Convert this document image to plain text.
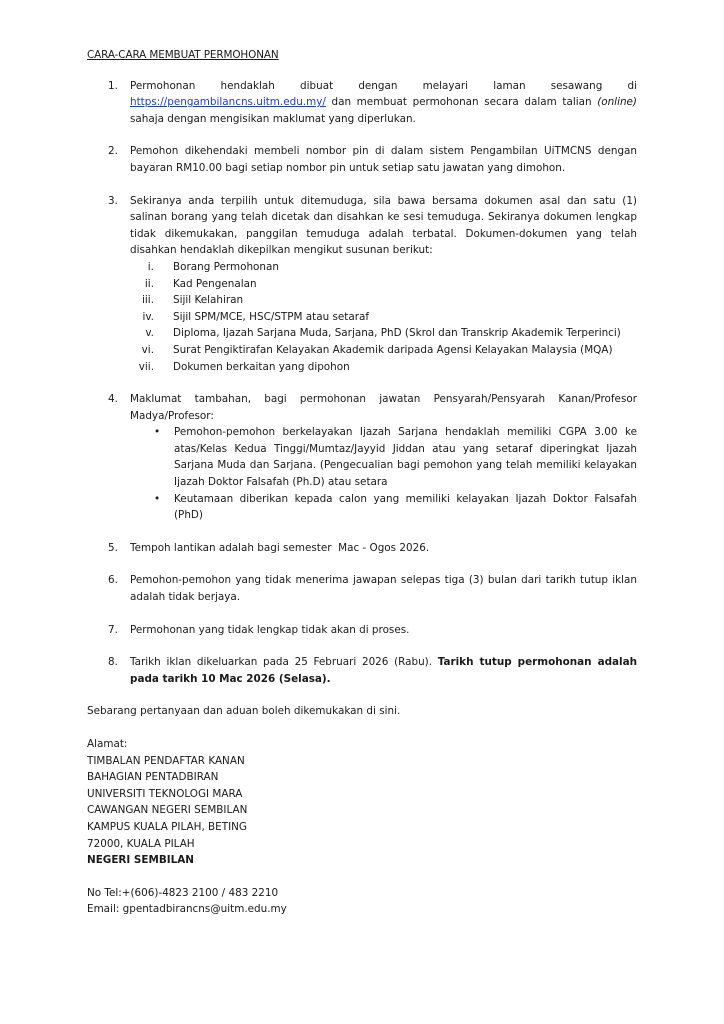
CARA-CARA MEMBUAT PERMOHONAN

1. Permohonan hendaklah dibuat dengan melayari laman sesawang di https://pengambilancns.uitm.edu.my/ dan membuat permohonan secara dalam talian (online) sahaja dengan mengisikan maklumat yang diperlukan.
2. Pemohon dikehendaki membeli nombor pin di dalam sistem Pengambilan UiTMCNS dengan bayaran RM10.00 bagi setiap nombor pin untuk setiap satu jawatan yang dimohon.
3. Sekiranya anda terpilih untuk ditemuduga, sila bawa bersama dokumen asal dan satu (1) salinan borang yang telah dicetak dan disahkan ke sesi temuduga. Sekiranya dokumen lengkap tidak dikemukakan, panggilan temuduga adalah terbatal. Dokumen-dokumen yang telah disahkan hendaklah dikepilkan mengikut susunan berikut:
i. Borang Permohonan
ii. Kad Pengenalan
iii. Sijil Kelahiran
iv. Sijil SPM/MCE, HSC/STPM atau setaraf
v. Diploma, Ijazah Sarjana Muda, Sarjana, PhD (Skrol dan Transkrip Akademik Terperinci)
vi. Surat Pengiktirafan Kelayakan Akademik daripada Agensi Kelayakan Malaysia (MQA)
vii. Dokumen berkaitan yang dipohon
4. Maklumat tambahan, bagi permohonan jawatan Pensyarah/Pensyarah Kanan/Profesor Madya/Profesor:
• Pemohon-pemohon berkelayakan Ijazah Sarjana hendaklah memiliki CGPA 3.00 ke atas/Kelas Kedua Tinggi/Mumtaz/Jayyid Jiddan atau yang setaraf diperingkat Ijazah Sarjana Muda dan Sarjana. (Pengecualian bagi pemohon yang telah memiliki kelayakan Ijazah Doktor Falsafah (Ph.D) atau setara
• Keutamaan diberikan kepada calon yang memiliki kelayakan Ijazah Doktor Falsafah (PhD)
5. Tempoh lantikan adalah bagi semester  Mac - Ogos 2026.
6. Pemohon-pemohon yang tidak menerima jawapan selepas tiga (3) bulan dari tarikh tutup iklan adalah tidak berjaya.
7. Permohonan yang tidak lengkap tidak akan di proses.
8. Tarikh iklan dikeluarkan pada 25 Februari 2026 (Rabu). Tarikh tutup permohonan adalah pada tarikh 10 Mac 2026 (Selasa).

Sebarang pertanyaan dan aduan boleh dikemukakan di sini.

Alamat:
TIMBALAN PENDAFTAR KANAN
BAHAGIAN PENTADBIRAN
UNIVERSITI TEKNOLOGI MARA
CAWANGAN NEGERI SEMBILAN
KAMPUS KUALA PILAH, BETING
72000, KUALA PILAH
NEGERI SEMBILAN
No Tel:+(606)-4823 2100 / 483 2210
Email: gpentadbirancns@uitm.edu.my
